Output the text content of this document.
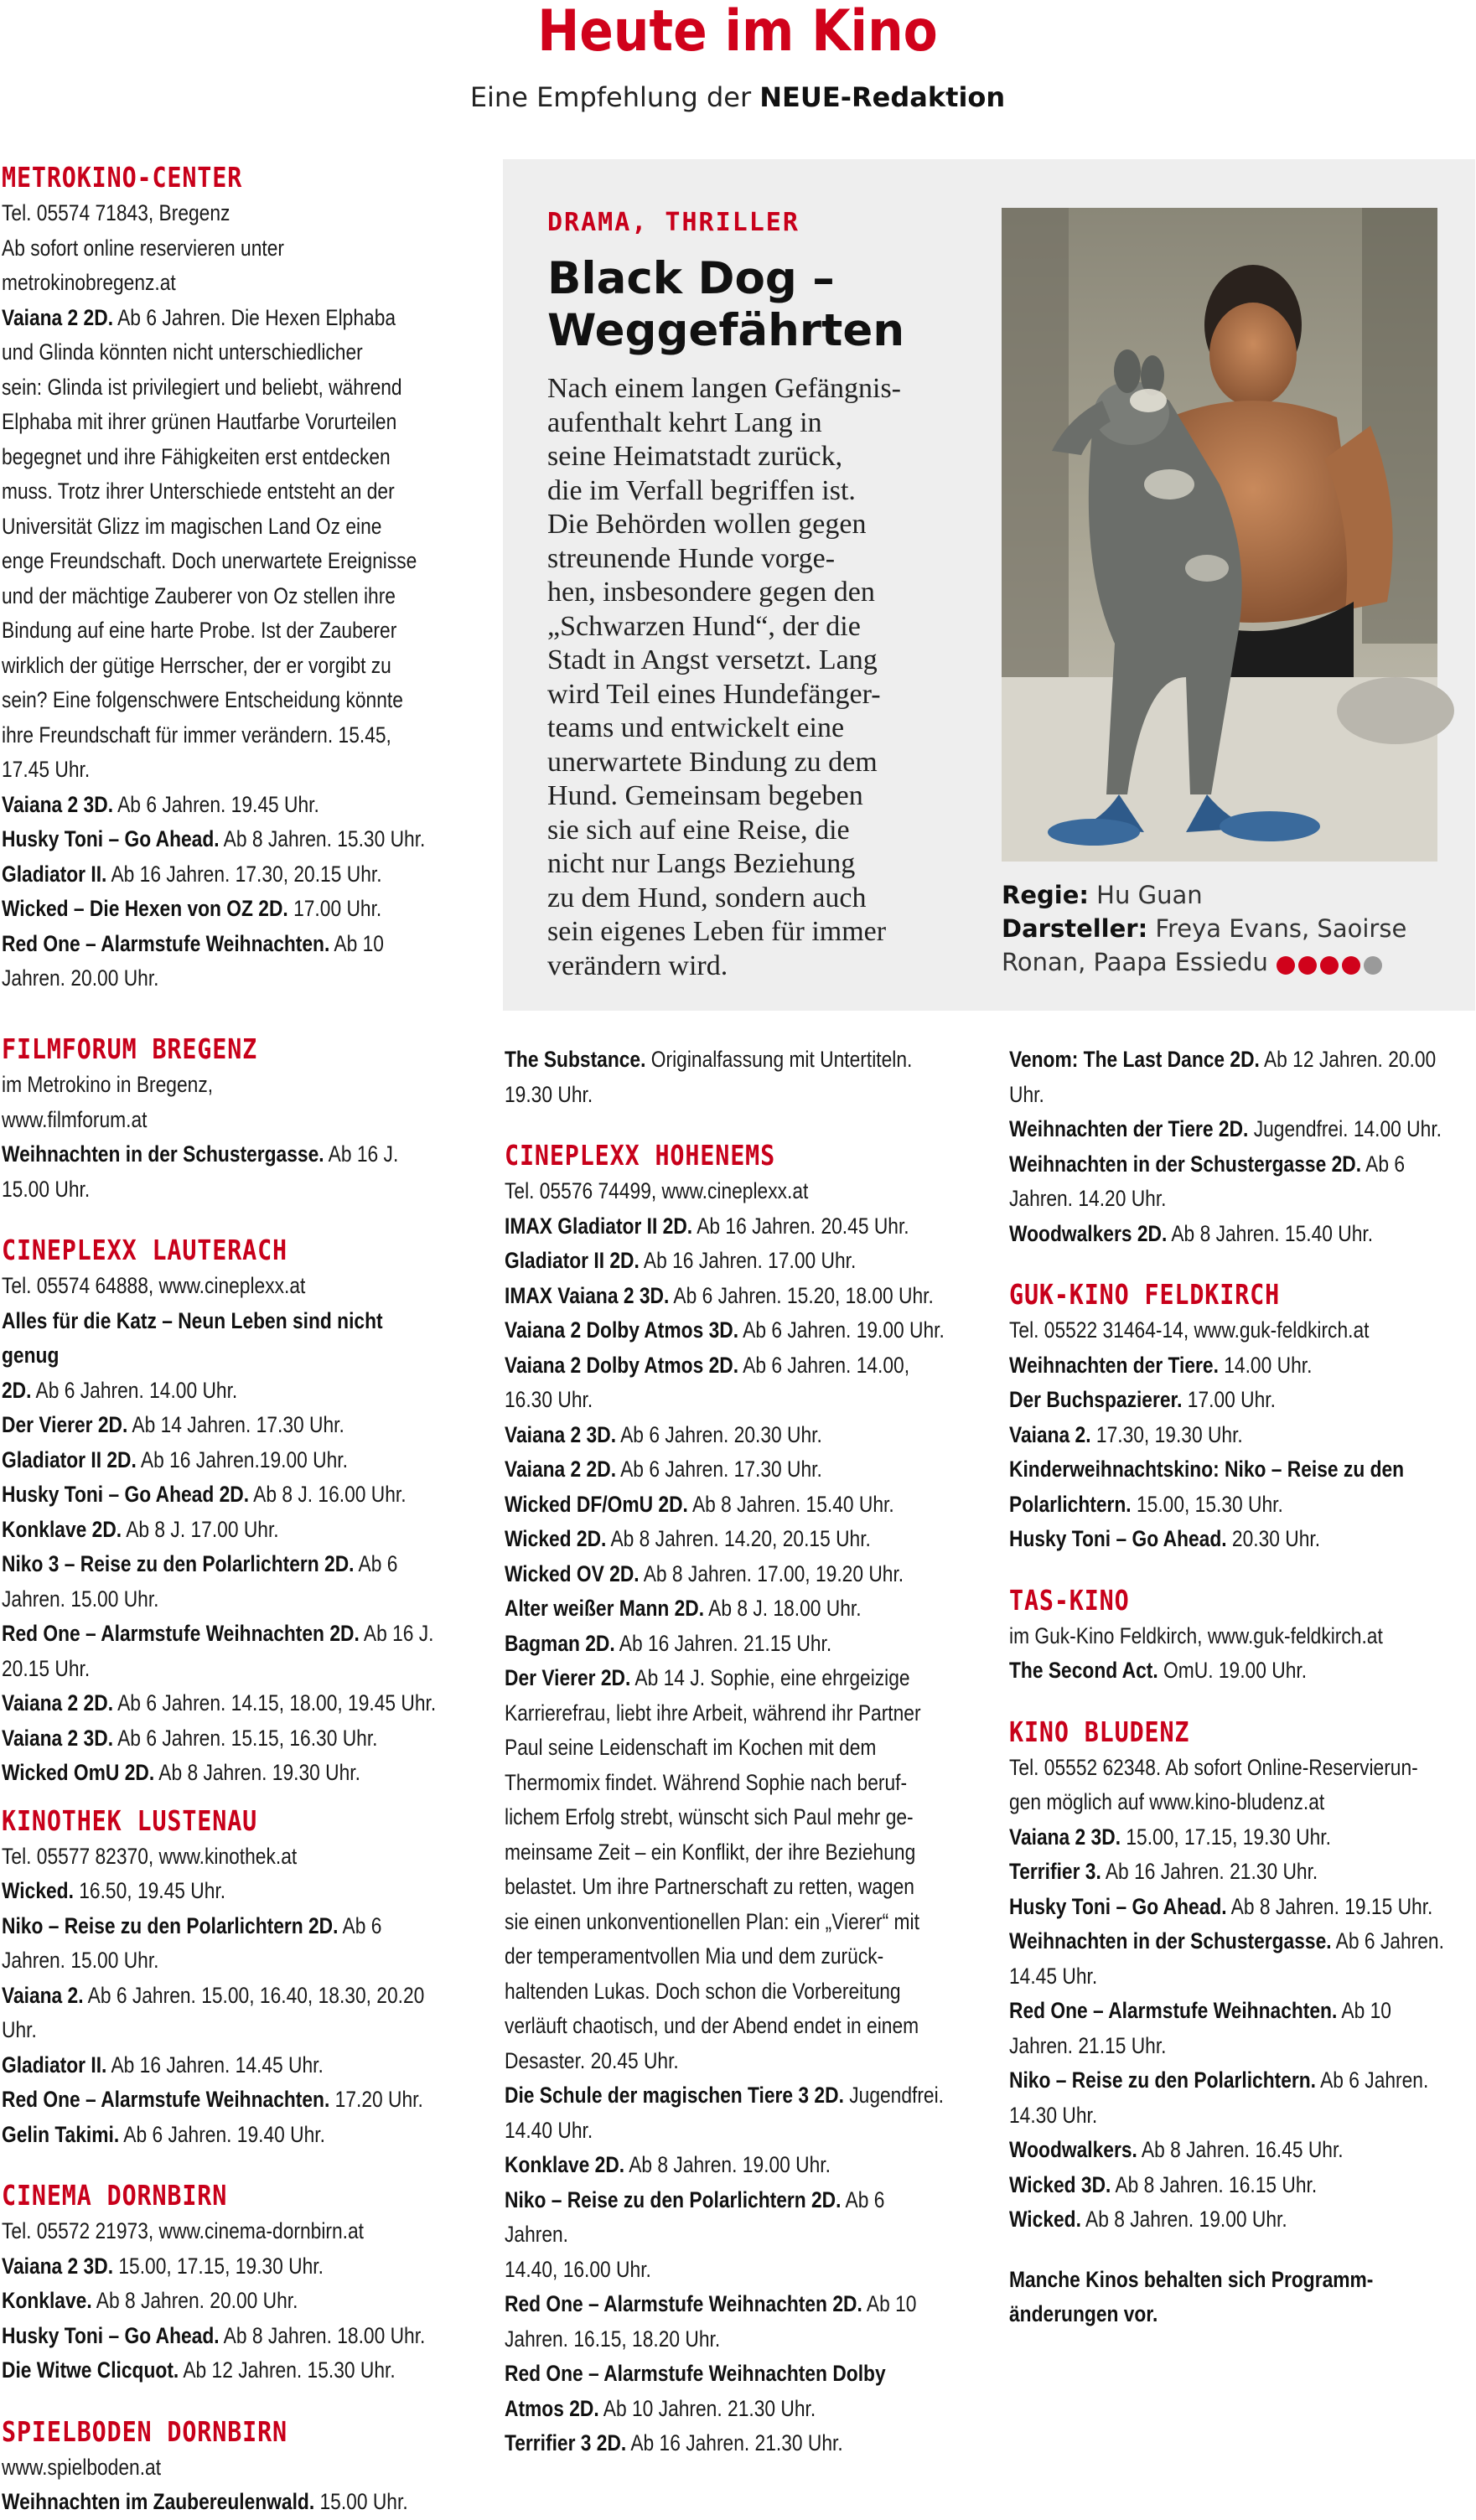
Heute im Kino
Eine Empfehlung der NEUE-Redaktion
METROKINO-CENTER
Tel. 05574 71843, Bregenz
Ab sofort online reservieren unter
metrokinobregenz.at
Vaiana 2 2D. Ab 6 Jahren. Die Hexen Elphaba
und Glinda könnten nicht unterschiedlicher
sein: Glinda ist privilegiert und beliebt, während
Elphaba mit ihrer grünen Hautfarbe Vorurteilen
begegnet und ihre Fähigkeiten erst entdecken
muss. Trotz ihrer Unterschiede entsteht an der
Universität Glizz im magischen Land Oz eine
enge Freundschaft. Doch unerwartete Ereignisse
und der mächtige Zauberer von Oz stellen ihre
Bindung auf eine harte Probe. Ist der Zauberer
wirklich der gütige Herrscher, der er vorgibt zu
sein? Eine folgenschwere Entscheidung könnte
ihre Freundschaft für immer verändern. 15.45,
17.45 Uhr.
Vaiana 2 3D. Ab 6 Jahren. 19.45 Uhr.
Husky Toni – Go Ahead. Ab 8 Jahren. 15.30 Uhr.
Gladiator II. Ab 16 Jahren. 17.30, 20.15 Uhr.
Wicked – Die Hexen von OZ 2D. 17.00 Uhr.
Red One – Alarmstufe Weihnachten. Ab 10
Jahren. 20.00 Uhr.
FILMFORUM BREGENZ
im Metrokino in Bregenz,
www.filmforum.at
Weihnachten in der Schustergasse. Ab 16 J. 15.00 Uhr.
CINEPLEXX LAUTERACH
Tel. 05574 64888, www.cineplexx.at
Alles für die Katz – Neun Leben sind nicht genug
2D. Ab 6 Jahren. 14.00 Uhr.
Der Vierer 2D. Ab 14 Jahren. 17.30 Uhr.
Gladiator II 2D. Ab 16 Jahren.19.00 Uhr.
Husky Toni – Go Ahead 2D. Ab 8 J. 16.00 Uhr.
Konklave 2D. Ab 8 J. 17.00 Uhr.
Niko 3 – Reise zu den Polarlichtern 2D. Ab 6
Jahren. 15.00 Uhr.
Red One – Alarmstufe Weihnachten 2D. Ab 16 J.
20.15 Uhr.
Vaiana 2 2D. Ab 6 Jahren. 14.15, 18.00, 19.45 Uhr.
Vaiana 2 3D. Ab 6 Jahren. 15.15, 16.30 Uhr.
Wicked OmU 2D. Ab 8 Jahren. 19.30 Uhr.
KINOTHEK LUSTENAU
Tel. 05577 82370, www.kinothek.at
Wicked. 16.50, 19.45 Uhr.
Niko – Reise zu den Polarlichtern 2D. Ab 6
Jahren. 15.00 Uhr.
Vaiana 2. Ab 6 Jahren. 15.00, 16.40, 18.30, 20.20
Uhr.
Gladiator II. Ab 16 Jahren. 14.45 Uhr.
Red One – Alarmstufe Weihnachten. 17.20 Uhr.
Gelin Takimi. Ab 6 Jahren. 19.40 Uhr.
CINEMA DORNBIRN
Tel. 05572 21973, www.cinema-dornbirn.at
Vaiana 2 3D. 15.00, 17.15, 19.30 Uhr.
Konklave. Ab 8 Jahren. 20.00 Uhr.
Husky Toni – Go Ahead. Ab 8 Jahren. 18.00 Uhr.
Die Witwe Clicquot. Ab 12 Jahren. 15.30 Uhr.
SPIELBODEN DORNBIRN
www.spielboden.at
Weihnachten im Zaubereulenwald. 15.00 Uhr.
DRAMA, THRILLER
Black Dog –
Weggefährten
Nach einem langen Gefängnis-
aufenthalt kehrt Lang in
seine Heimatstadt zurück,
die im Verfall begriffen ist.
Die Behörden wollen gegen
streunende Hunde vorge-
hen, insbesondere gegen den
„Schwarzen Hund“, der die
Stadt in Angst versetzt. Lang
wird Teil eines Hundefänger-
teams und entwickelt eine
unerwartete Bindung zu dem
Hund. Gemeinsam begeben
sie sich auf eine Reise, die
nicht nur Langs Beziehung
zu dem Hund, sondern auch
sein eigenes Leben für immer
verändern wird.
Regie: Hu Guan
Darsteller: Freya Evans, Saoirse
Ronan, Paapa Essiedu
The Substance. Originalfassung mit Untertiteln.
19.30 Uhr.
CINEPLEXX HOHENEMS
Tel. 05576 74499, www.cineplexx.at
IMAX Gladiator II 2D. Ab 16 Jahren. 20.45 Uhr.
Gladiator II 2D. Ab 16 Jahren. 17.00 Uhr.
IMAX Vaiana 2 3D. Ab 6 Jahren. 15.20, 18.00 Uhr.
Vaiana 2 Dolby Atmos 3D. Ab 6 Jahren. 19.00 Uhr.
Vaiana 2 Dolby Atmos 2D. Ab 6 Jahren. 14.00,
16.30 Uhr.
Vaiana 2 3D. Ab 6 Jahren. 20.30 Uhr.
Vaiana 2 2D. Ab 6 Jahren. 17.30 Uhr.
Wicked DF/OmU 2D. Ab 8 Jahren. 15.40 Uhr.
Wicked 2D. Ab 8 Jahren. 14.20, 20.15 Uhr.
Wicked OV 2D. Ab 8 Jahren. 17.00, 19.20 Uhr.
Alter weißer Mann 2D. Ab 8 J. 18.00 Uhr.
Bagman 2D. Ab 16 Jahren. 21.15 Uhr.
Der Vierer 2D. Ab 14 J. Sophie, eine ehrgeizige
Karrierefrau, liebt ihre Arbeit, während ihr Partner
Paul seine Leidenschaft im Kochen mit dem
Thermomix findet. Während Sophie nach beruf-
lichem Erfolg strebt, wünscht sich Paul mehr ge-
meinsame Zeit – ein Konflikt, der ihre Beziehung
belastet. Um ihre Partnerschaft zu retten, wagen
sie einen unkonventionellen Plan: ein „Vierer“ mit
der temperamentvollen Mia und dem zurück-
haltenden Lukas. Doch schon die Vorbereitung
verläuft chaotisch, und der Abend endet in einem
Desaster. 20.45 Uhr.
Die Schule der magischen Tiere 3 2D. Jugendfrei.
14.40 Uhr.
Konklave 2D. Ab 8 Jahren. 19.00 Uhr.
Niko – Reise zu den Polarlichtern 2D. Ab 6 Jahren.
14.40, 16.00 Uhr.
Red One – Alarmstufe Weihnachten 2D. Ab 10
Jahren. 16.15, 18.20 Uhr.
Red One – Alarmstufe Weihnachten Dolby
Atmos 2D. Ab 10 Jahren. 21.30 Uhr.
Terrifier 3 2D. Ab 16 Jahren. 21.30 Uhr.
Venom: The Last Dance 2D. Ab 12 Jahren. 20.00
Uhr.
Weihnachten der Tiere 2D. Jugendfrei. 14.00 Uhr.
Weihnachten in der Schustergasse 2D. Ab 6
Jahren. 14.20 Uhr.
Woodwalkers 2D. Ab 8 Jahren. 15.40 Uhr.
GUK-KINO FELDKIRCH
Tel. 05522 31464-14, www.guk-feldkirch.at
Weihnachten der Tiere. 14.00 Uhr.
Der Buchspazierer. 17.00 Uhr.
Vaiana 2. 17.30, 19.30 Uhr.
Kinderweihnachtskino: Niko – Reise zu den
Polarlichtern. 15.00, 15.30 Uhr.
Husky Toni – Go Ahead. 20.30 Uhr.
TAS-KINO
im Guk-Kino Feldkirch, www.guk-feldkirch.at
The Second Act. OmU. 19.00 Uhr.
KINO BLUDENZ
Tel. 05552 62348. Ab sofort Online-Reservierun-
gen möglich auf www.kino-bludenz.at
Vaiana 2 3D. 15.00, 17.15, 19.30 Uhr.
Terrifier 3. Ab 16 Jahren. 21.30 Uhr.
Husky Toni – Go Ahead. Ab 8 Jahren. 19.15 Uhr.
Weihnachten in der Schustergasse. Ab 6 Jahren.
14.45 Uhr.
Red One – Alarmstufe Weihnachten. Ab 10
Jahren. 21.15 Uhr.
Niko – Reise zu den Polarlichtern. Ab 6 Jahren.
14.30 Uhr.
Woodwalkers. Ab 8 Jahren. 16.45 Uhr.
Wicked 3D. Ab 8 Jahren. 16.15 Uhr.
Wicked. Ab 8 Jahren. 19.00 Uhr.
Manche Kinos behalten sich Programm-
änderungen vor.
